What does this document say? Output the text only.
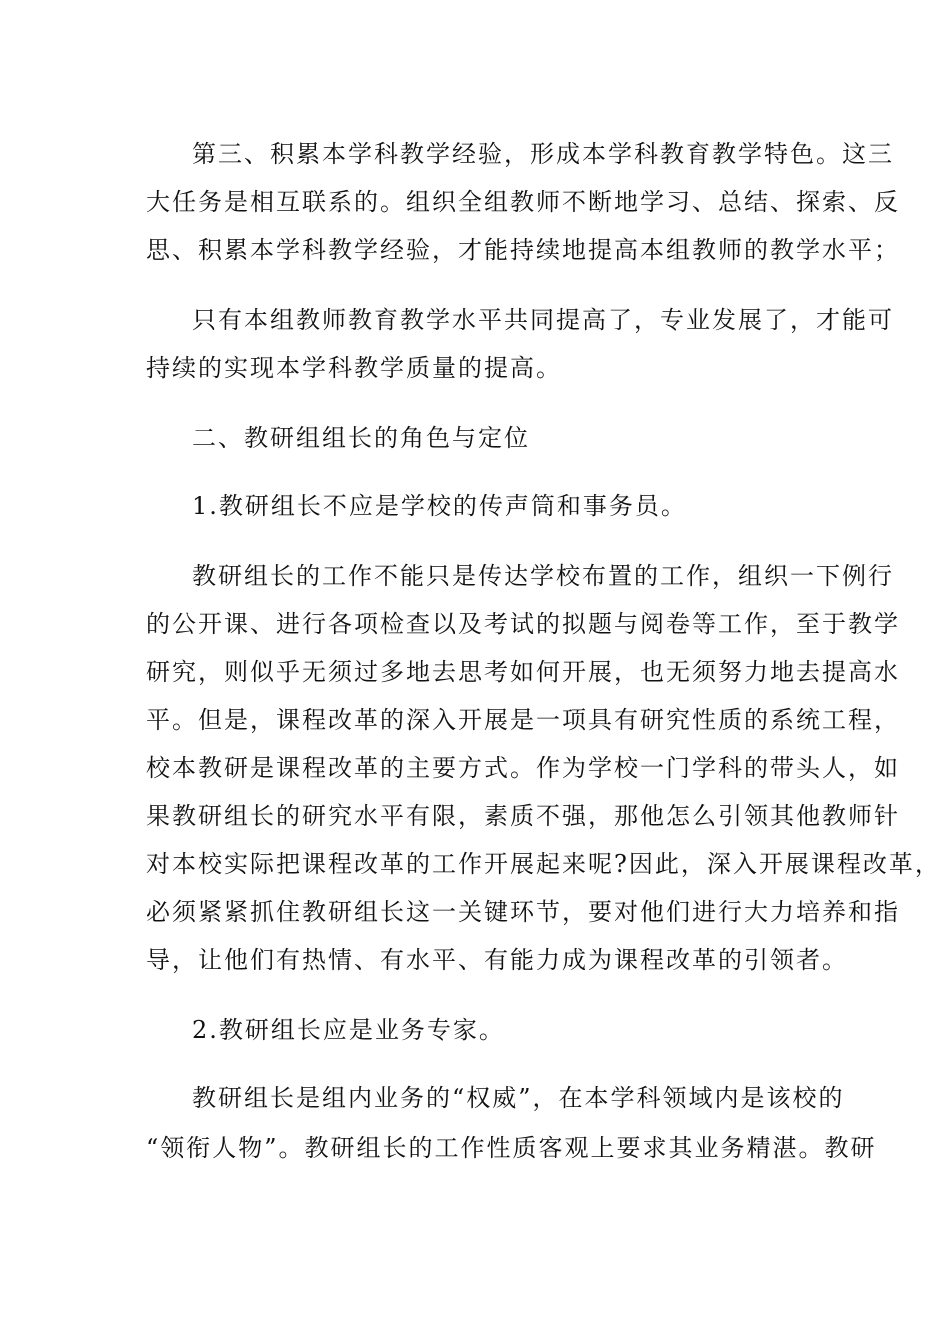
第三、积累本学科教学经验，形成本学科教育教学特色。这三
大任务是相互联系的。组织全组教师不断地学习、总结、探索、反
思、积累本学科教学经验，才能持续地提高本组教师的教学水平；
只有本组教师教育教学水平共同提高了，专业发展了，才能可
持续的实现本学科教学质量的提高。
二、教研组组长的角色与定位
1.教研组长不应是学校的传声筒和事务员。
教研组长的工作不能只是传达学校布置的工作，组织一下例行
的公开课、进行各项检查以及考试的拟题与阅卷等工作，至于教学
研究，则似乎无须过多地去思考如何开展，也无须努力地去提高水
平。但是，课程改革的深入开展是一项具有研究性质的系统工程，
校本教研是课程改革的主要方式。作为学校一门学科的带头人，如
果教研组长的研究水平有限，素质不强，那他怎么引领其他教师针
对本校实际把课程改革的工作开展起来呢?因此，深入开展课程改革，
必须紧紧抓住教研组长这一关键环节，要对他们进行大力培养和指
导，让他们有热情、有水平、有能力成为课程改革的引领者。
2.教研组长应是业务专家。
教研组长是组内业务的“权威”，在本学科领域内是该校的
“领衔人物”。教研组长的工作性质客观上要求其业务精湛。教研
